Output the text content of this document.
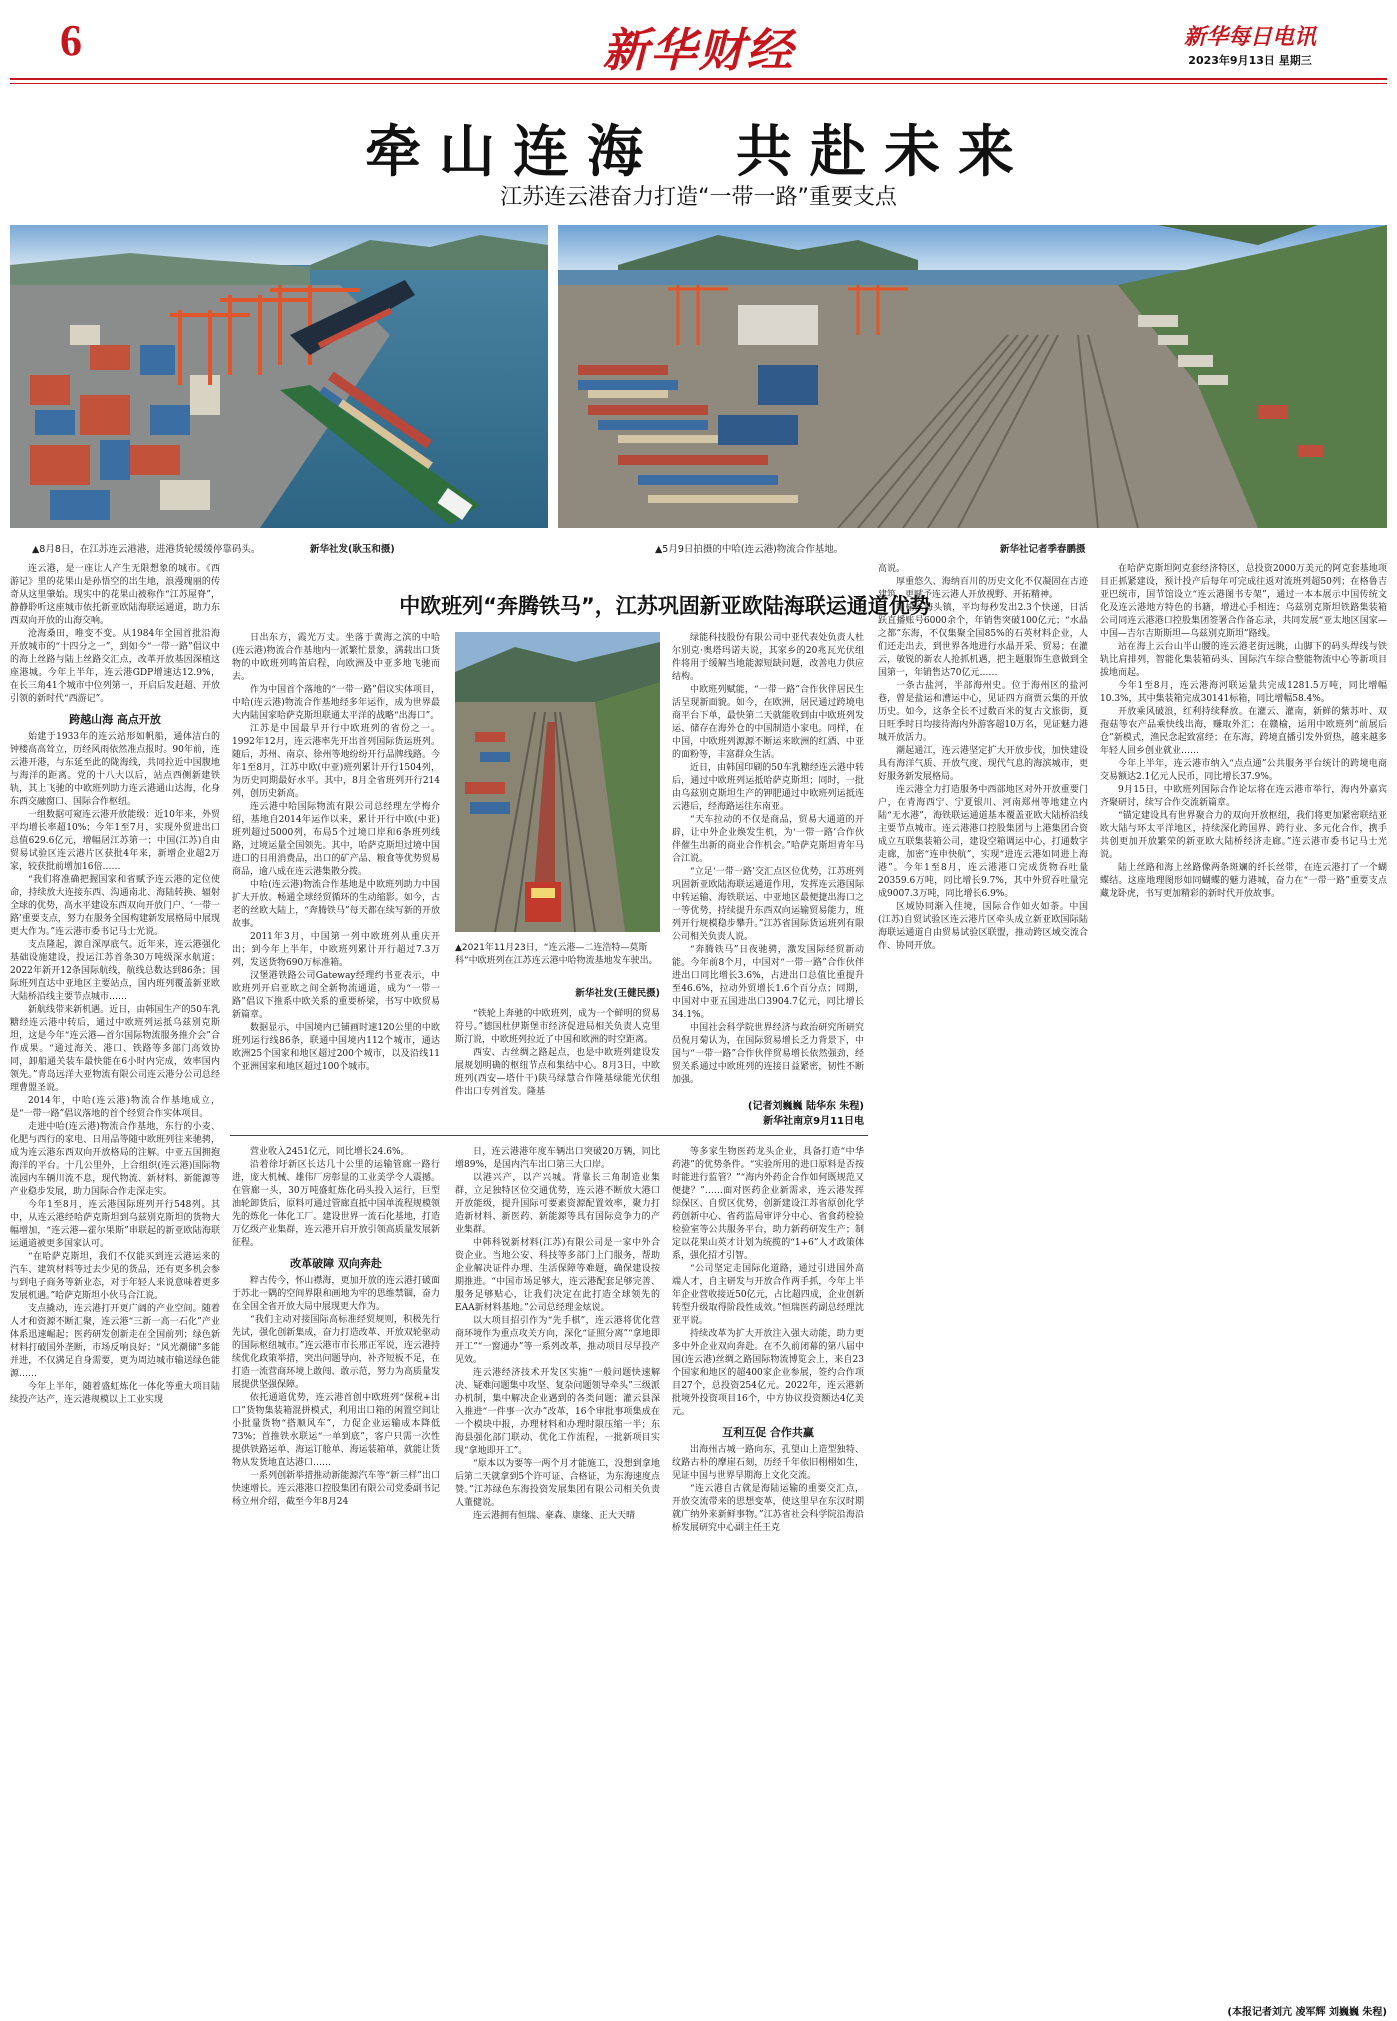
6	新华财经	新华每日电讯
2023年9月13日 星期三
牵山连海  共赴未来
江苏连云港奋力打造“一带一路”重要支点
▲8月8日，在江苏连云港港，进港货轮缓缓停靠码头。	新华社发(耿玉和摄)	▲5月9日拍摄的中哈(连云港)物流合作基地。	新华社记者季春鹏摄
中欧班列“奔腾铁马”，江苏巩固新亚欧陆海联运通道优势

日出东方，霞光万丈。坐落于黄海之滨的中哈(连云港)物流合作基地内一派繁忙景象，满载出口货物的中欧班列鸣笛启程，向欧洲及中亚多地飞驰而去。

作为中国首个落地的“一带一路”倡议实体项目，中哈(连云港)物流合作基地经多年运作，成为世界最大内陆国家哈萨克斯坦联通太平洋的战略“出海口”。

江苏是中国最早开行中欧班列的省份之一。1992年12月，连云港率先开出首列国际货运班列。随后，苏州、南京、徐州等地纷纷开行品牌线路。今年1至8月，江苏中欧(中亚)班列累计开行1504列，为历史同期最好水平。其中，8月全省班列开行214列，创历史新高。

连云港中哈国际物流有限公司总经理左学梅介绍，基地自2014年运作以来，累计开行中欧(中亚)班列超过5000列，布局5个过境口岸和6条班列线路，过境运量全国领先。其中，哈萨克斯坦过境中国进口的日用消费品，出口的矿产品、粮食等优势贸易商品，逾八成在连云港集散分拨。

中哈(连云港)物流合作基地是中欧班列助力中国扩大开放、畅通全球经贸循环的生动缩影。如今，古老的丝欧大陆上，“奔腾铁马”每天都在续写新的开放故事。

2011年3月，中国第一列中欧班列从重庆开出；到今年上半年，中欧班列累计开行超过7.3万列，发送货物690万标准箱。

汉堡港铁路公司Gateway经理约书亚表示，中欧班列开启亚欧之间全新物流通道，成为“一带一路”倡议下推系中欧关系的重要桥梁，书写中欧贸易新篇章。

数据显示，中国境内已铺画时速120公里的中欧班列运行线86条，联通中国境内112个城市，通达欧洲25个国家和地区超过200个城市，以及沿线11个亚洲国家和地区超过100个城市。

▲2021年11月23日，“连云港—二连浩特—莫斯科”中欧班列在江苏连云港中哈物流基地发车驶出。
新华社发(王健民摄)

“铁轮上奔驰的中欧班列，成为一个鲜明的贸易符号。”德国杜伊斯堡市经济促进局相关负责人克里斯汀说，中欧班列拉近了中国和欧洲的时空距离。

西安、古丝绸之路起点，也是中欧班列建设发展规划明确的枢纽节点和集结中心。8月3日，中欧班列(西安—塔什干)陕马绿慧合作隆基绿能光伏组件出口专列首发。隆基

绿能科技股份有限公司中亚代表处负责人杜尔别克·奥塔玛诺夫说，其家乡的20兆瓦光伏组件将用于缓解当地能源短缺问题，改善电力供应结构。

中欧班列赋能，“一带一路”合作伙伴居民生活呈现新面貌。如今，在欧洲，居民通过跨境电商平台下单，最快第二天就能收到由中欧班列发运、储存在海外仓的中国制造小家电。同样，在中国，中欧班列源源不断运来欧洲的红酒、中亚的面粉等，丰富群众生活。

近日，由韩国印刷的50车乳糖经连云港中转后，通过中欧班列运抵哈萨克斯坦；同时，一批由乌兹别克斯坦生产的钾肥通过中欧班列运抵连云港后，经海路运往东南亚。

“天车拉动的不仅是商品，贸易大通道的开辟，让中外企业焕发生机，为‘一带一路’合作伙伴催生出新的商业合作机会。”哈萨克斯坦青年马合江说。

“立足‘一带一路’交汇点区位优势，江苏班列巩固新亚欧陆海联运通道作用，发挥连云港国际中转运输、海铁联运、中亚地区最便捷出海口之一等优势，持续提升东西双向运输贸易能力，班列开行规模稳步攀升。”江苏省国际货运班列有限公司相关负责人说。

“奔腾铁马”日夜驰骋，激发国际经贸新动能。今年前8个月，中国对“一带一路”合作伙伴进出口同比增长3.6%，占进出口总值比重提升至46.6%，拉动外贸增长1.6个百分点；同期，中国对中亚五国进出口3904.7亿元，同比增长34.1%。

中国社会科学院世界经济与政治研究所研究员倪月菊认为，在国际贸易增长乏力背景下，中国与“一带一路”合作伙伴贸易增长依然强劲，经贸关系通过中欧班列的连接日益紧密，韧性不断加强。

(记者刘巍巍 陆华东 朱程)
新华社南京9月11日电

连云港，是一座让人产生无限想象的城市。《西游记》里的花果山是孙悟空的出生地，浪漫瑰丽的传奇从这里肇始。现实中的花果山被称作“江苏屋脊”，静静聆听这座城市依托新亚欧陆海联运通道，助力东西双向开放的山海交响。

沧海桑田，唯变不变。从1984年全国首批沿海开放城市的“十四分之一”，到如今“一带一路”倡议中的海上丝路与陆上丝路交汇点，改革开放基因深植这座港城。今年上半年，连云港GDP增速达12.9%，在长三角41个城市中位列第一，开启后发赶超、开放引领的新时代“西游记”。

跨越山海 高点开放

始建于1933年的连云站形如帆船，通体洁白的钟楼高高耸立，历经风雨依然准点报时。90年前，连云港开港，与东延至此的陇海线，共同拉近中国腹地与海洋的距离。党的十八大以后，站点西侧新建铁轨，其上飞驰的中欧班列助力连云港通山达海，化身东西交融窗口、国际合作枢纽。

一组数据可窥连云港开放能级：近10年来，外贸平均增长率超10%；今年1至7月，实现外贸进出口总值629.6亿元，增幅居江苏第一；中国(江苏)自由贸易试验区连云港片区获批4年来，新增企业超2万家，较获批前增加16倍……

“我们将准确把握国家和省赋予连云港的定位使命，持续放大连接东西、沟通南北、海陆转换、辐射全球的优势，高水平建设东西双向开放门户、‘一带一路’重要支点，努力在服务全国构建新发展格局中展现更大作为。”连云港市委书记马士光说。

支点隆起，源自深厚底气。近年来，连云港强化基础设施建设，投运江苏首条30万吨级深水航道；2022年新开12条国际航线，航线总数达到86条；国际班列直达中亚地区主要站点，国内班列覆盖新亚欧大陆桥沿线主要节点城市……

新航线带来新机遇。近日，由韩国生产的50车乳糖经连云港中转后，通过中欧班列运抵乌兹别克斯坦，这是今年“连云港—首尔国际物流服务推介会”合作成果。“通过海关、港口、铁路等多部门高效协同，卸船通关装车最快能在6小时内完成，效率国内领先。”青岛远洋大亚物流有限公司连云港分公司总经理曹盟圣说。

2014年，中哈(连云港)物流合作基地成立，是“一带一路”倡议落地的首个经贸合作实体项目。

走进中哈(连云港)物流合作基地，东行的小麦、化肥与西行的家电、日用品等随中欧班列往来驰骋，成为连云港东西双向开放格局的注解。中亚五国拥抱海洋的平台。十几公里外，上合组织(连云港)国际物流园内车辆川流不息，现代物流、新材料、新能源等产业稳步发展，助力国际合作走深走实。

今年1至8月，连云港国际班列开行548列。其中，从连云港经哈萨克斯坦到乌兹别克斯坦的货物大幅增加，“连云港—霍尔果斯”串联起的新亚欧陆海联运通道被更多国家认可。

“在哈萨克斯坦，我们不仅能买到连云港运来的汽车、建筑材料等过去少见的货品，还有更多机会参与到电子商务等新业态，对于年轻人来说意味着更多发展机遇。”哈萨克斯坦小伙马合江说。

支点撬动，连云港打开更广阔的产业空间。随着人才和资源不断汇聚，连云港“三新一高一石化”产业体系迅速崛起；医药研发创新走在全国前列；绿色新材料打破国外垄断，市场反响良好；“风光潮储”多能并进，不仅满足自身需要，更为周边城市输送绿色能源……

今年上半年，随着盛虹炼化一体化等重大项目陆续投产达产，连云港规模以上工业实现

营业收入2451亿元，同比增长24.6%。

沿着徐圩新区长达几十公里的运输管廊一路行进，庞大机械、雄伟厂房彰显的工业美学令人震撼。在管廊一头，30万吨盛虹炼化码头投入运行，巨型油轮卸货后，原料可通过管廊直抵中国单流程规模领先的炼化一体化工厂。建设世界一流石化基地，打造万亿级产业集群，连云港开启开放引领高质量发展新征程。

改革破障 双向奔赴

粹古传今，怀山襟海，更加开放的连云港打破面于苏北一隅的空间界限和画地为牢的思维禁锢，奋力在全国全省开放大局中展现更大作为。

“我们主动对接国际高标准经贸规则，积极先行先试，强化创新集成，奋力打造改革、开放双轮驱动的国际枢纽城市。”连云港市市长邢正军说，连云港持续优化政策举措，突出问题导向，补齐短板不足，在打造一流营商环境上敢闯、敢示范，努力为高质量发展提供坚强保障。

依托通道优势，连云港首创中欧班列“保税+出口”货物集装箱混拼模式，利用出口箱的闲置空间让小批量货物“搭顺风车”，力促企业运输成本降低73%；首推铁水联运“一单到底”，客户只需一次性提供铁路运单、海运订舱单、海运装箱单，就能让货物从发货地直达港口……

一系列创新举措推动新能源汽车等“新三样”出口快速增长。连云港港口控股集团有限公司党委副书记杨立州介绍，截至今年8月24

日，连云港港年度车辆出口突破20万辆，同比增89%，是国内汽车出口第三大口岸。

以港兴产，以产兴城。背靠长三角制造业集群，立足独特区位交通优势，连云港不断放大港口开放能级，提升国际可要素资源配置效率，聚力打造新材料、新医药、新能源等具有国际竞争力的产业集群。

中韩科锐新材料(江苏)有限公司是一家中外合资企业。当地公安、科技等多部门上门服务，帮助企业解决证件办理、生活保障等难题，确保建设按期推进。“中国市场足够大，连云港配套足够完善、服务足够贴心，让我们决定在此打造全球领先的EAA新材料基地。”公司总经理金炫说。

以大项目招引作为“先手棋”，连云港将优化营商环境作为重点攻关方向，深化“证照分离”“拿地即开工”“一窗通办”等一系列改革，推动项目尽早投产见效。

连云港经济技术开发区实施“一般问题快速解决、疑难问题集中攻坚、复杂问题领导牵头”三级派办机制，集中解决企业遇到的各类问题；灌云县深入推进“一件事一次办”改革，16个审批事项集成在一个模块中报，办理材料和办理时限压缩一半；东海县强化部门联动、优化工作流程，一批新项目实现“拿地即开工”。

“原本以为要等一两个月才能施工，没想到拿地后第二天就拿到5个许可证、合格证，为东海速度点赞。”江苏绿色东海投资发展集团有限公司相关负责人董健说。

连云港拥有恒瑞、豪森、康缘、正大天晴

等多家生物医药龙头企业，具备打造“中华药港”的优势条件。“实验所用的进口原料是否按时能进行监管？”“海内外药企合作如何既规范又便捷？”……面对医药企业新需求，连云港发挥综保区、自贸区优势，创新建设江苏省原创化学药创新中心、省药监局审评分中心、省食药检验检验室等公共服务平台，助力新药研发生产；制定以花果山英才计划为统揽的“1+6”人才政策体系，强化招才引智。

“公司坚定走国际化道路，通过引进国外高端人才，自主研发与开放合作两手抓，今年上半年企业营收接近50亿元，占比超四成，企业创新转型升级取得阶段性成效。”恒瑞医药副总经理沈亚平说。

持续改革为扩大开放注入强大动能，助力更多中外企业双向奔赴。在不久前闭幕的第八届中国(连云港)丝绸之路国际物流博览会上，来自23个国家和地区的超400家企业参展，签约合作项目27个，总投资254亿元。2022年，连云港新批境外投资项目16个，中方协议投资额达4亿美元。

互利互促 合作共赢

出海州古城一路向东，孔望山上造型独特、纹路古朴的摩崖石刻，历经千年依旧栩栩如生，见证中国与世界早期海上文化交流。

“连云港自古就是海陆运输的重要交汇点，开放交流带来的思想变革，使这里早在东汉时期就广纳外来新鲜事物。”江苏省社会科学院沿海沿桥发展研究中心副主任王克

高说。

厚重悠久、海纳百川的历史文化不仅凝固在古迹建筑，更赋予连云港人开放视野、开拓精神。

赣榆区海头镇，平均每秒发出2.3个快递，日活跃直播账号6000余个，年销售突破100亿元；“水晶之都”东海，不仅集聚全国85%的石英材料企业，人们还走出去，到世界各地进行水晶开采、贸易；在灌云，敏锐的新农人抢抓机遇，把主题服饰生意做到全国第一，年销售达70亿元……

一条古盐河，半部海州史。位于海州区的盐河巷，曾是盐运和漕运中心，见证四方商贾云集的开放历史。如今，这条全长不过数百米的复古文旅街，夏日旺季时日均接待海内外游客超10万名，见证魅力港城开放活力。

潮起通江，连云港坚定扩大开放步伐，加快建设具有海洋气质、开放气度、现代气息的海滨城市，更好服务新发展格局。

连云港全力打造服务中西部地区对外开放重要门户，在青海西宁、宁夏银川、河南郑州等地建立内陆“无水港”，海铁联运通道基本覆盖亚欧大陆桥沿线主要节点城市。连云港港口控股集团与上港集团合资成立互联集装箱公司，建设空箱调运中心，打通数字走廊，加密“连申快航”，实现“进连云港如同进上海港”。今年1至8月，连云港港口完成货物吞吐量20359.6万吨，同比增长9.7%，其中外贸吞吐量完成9007.3万吨，同比增长6.9%。

区域协同渐入佳境，国际合作如火如荼。中国(江苏)自贸试验区连云港片区牵头成立新亚欧国际陆海联运通道自由贸易试验区联盟，推动跨区域交流合作、协同开放。

在哈萨克斯坦阿克套经济特区，总投资2000万美元的阿克套基地项目正抓紧建设，预计投产后每年可完成往返对流班列超50列；在格鲁吉亚巴统市，国节馆设立“连云港图书专架”，通过一本本展示中国传统文化及连云港地方特色的书籍，增进心手相连；乌兹别克斯坦铁路集装箱公司同连云港港口控股集团签署合作备忘录，共同发展“亚太地区国家—中国—吉尔吉斯斯坦—乌兹别克斯坦”路线。

站在海上云台山半山腰的连云港老街远眺，山脚下的码头焊线与铁轨比肩排列，智能化集装箱码头、国际汽车综合整能物流中心等新项目拔地而起。

今年1至8月，连云港海河联运量共完成1281.5万吨，同比增幅10.3%，其中集装箱完成30141标箱，同比增幅58.4%。

开放乘风破浪，红利持续释放。在灌云、灌南，新鲜的紫苏叶、双孢菇等农产品乘快线出海，赚取外汇；在赣榆，运用中欧班列“前展后仓”新模式，渔民念起致富经；在东海，跨境直播引发外贸热，越来越多年轻人回乡创业就业……

今年上半年，连云港市纳入“点点通”公共服务平台统计的跨境电商交易额达2.1亿元人民币，同比增长37.9%。

9月15日，中欧班列国际合作论坛将在连云港市举行，海内外嘉宾齐聚研讨，续写合作交流新篇章。

“锚定建设具有世界聚合力的双向开放枢纽，我们将更加紧密联结亚欧大陆与环太平洋地区，持续深化跨国界、跨行业、多元化合作，携手共创更加开放繁荣的新亚欧大陆桥经济走廊。”连云港市委书记马士光说。

陆上丝路和海上丝路像两条斑斓的纤长丝带，在连云港打了一个蝴蝶结。这座地理图形如同蝴蝶的魅力港城，奋力在“一带一路”重要支点藏龙卧虎，书写更加精彩的新时代开放故事。

(本报记者刘亢 凌军辉 刘巍巍 朱程)
